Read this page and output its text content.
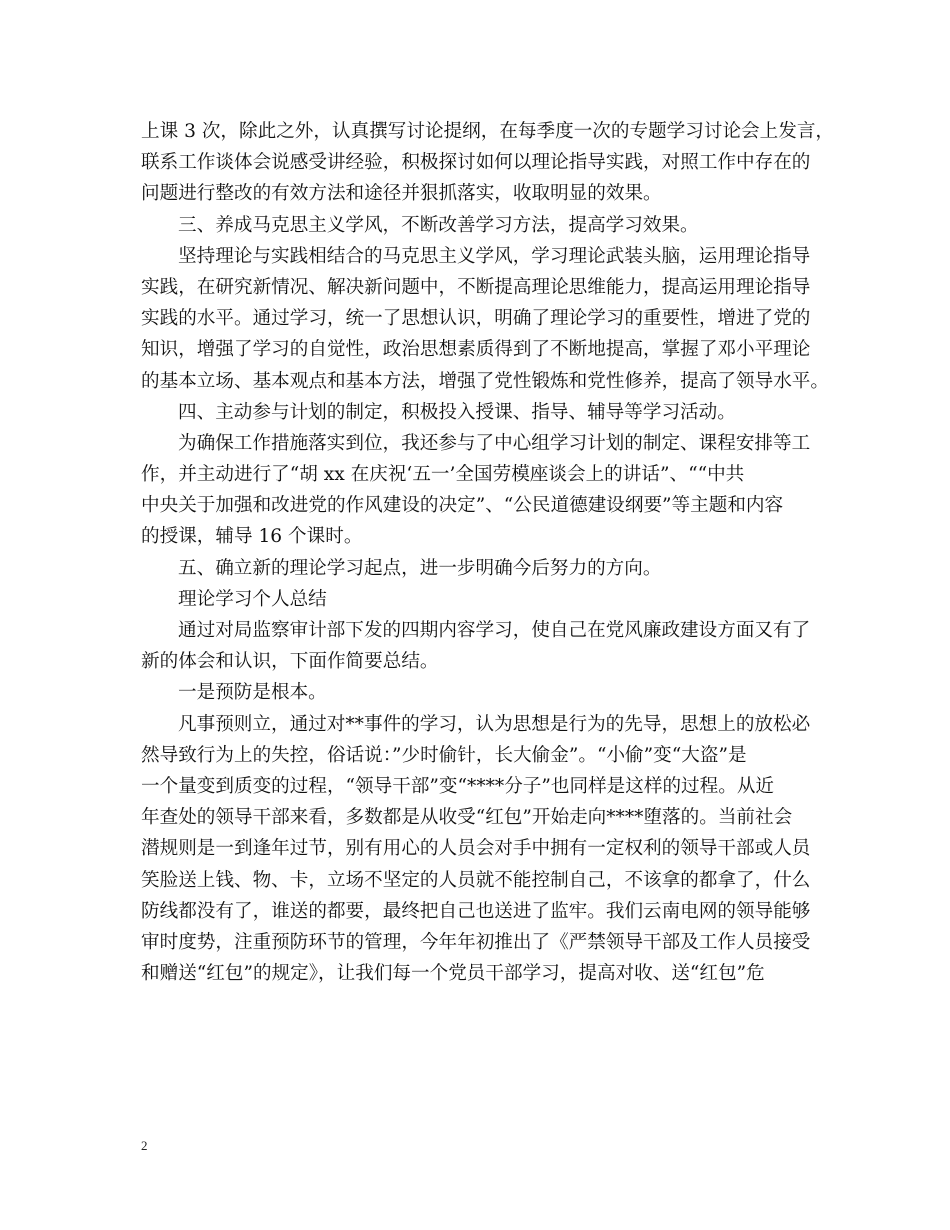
上课 3 次，除此之外，认真撰写讨论提纲，在每季度一次的专题学习讨论会上发言，
联系工作谈体会说感受讲经验，积极探讨如何以理论指导实践，对照工作中存在的
问题进行整改的有效方法和途径并狠抓落实，收取明显的效果。
三、养成马克思主义学风，不断改善学习方法，提高学习效果。
坚持理论与实践相结合的马克思主义学风，学习理论武装头脑，运用理论指导
实践，在研究新情况、解决新问题中，不断提高理论思维能力，提高运用理论指导
实践的水平。通过学习，统一了思想认识，明确了理论学习的重要性，增进了党的
知识，增强了学习的自觉性，政治思想素质得到了不断地提高，掌握了邓小平理论
的基本立场、基本观点和基本方法，增强了党性锻炼和党性修养，提高了领导水平。
四、主动参与计划的制定，积极投入授课、指导、辅导等学习活动。
为确保工作措施落实到位，我还参与了中心组学习计划的制定、课程安排等工
作，并主动进行了“胡 xx 在庆祝‘五一’全国劳模座谈会上的讲话”、““中共
中央关于加强和改进党的作风建设的决定”、“公民道德建设纲要”等主题和内容
的授课，辅导 16 个课时。
五、确立新的理论学习起点，进一步明确今后努力的方向。
理论学习个人总结
通过对局监察审计部下发的四期内容学习，使自己在党风廉政建设方面又有了
新的体会和认识，下面作简要总结。
一是预防是根本。
凡事预则立，通过对**事件的学习，认为思想是行为的先导，思想上的放松必
然导致行为上的失控，俗话说：”少时偷针，长大偷金”。“小偷”变“大盗”是
一个量变到质变的过程，“领导干部”变“****分子”也同样是这样的过程。从近
年查处的领导干部来看，多数都是从收受“红包”开始走向****堕落的。当前社会
潜规则是一到逢年过节，别有用心的人员会对手中拥有一定权利的领导干部或人员
笑脸送上钱、物、卡，立场不坚定的人员就不能控制自己，不该拿的都拿了，什么
防线都没有了，谁送的都要，最终把自己也送进了监牢。我们云南电网的领导能够
审时度势，注重预防环节的管理，今年年初推出了《严禁领导干部及工作人员接受
和赠送“红包”的规定》，让我们每一个党员干部学习，提高对收、送“红包”危
2
